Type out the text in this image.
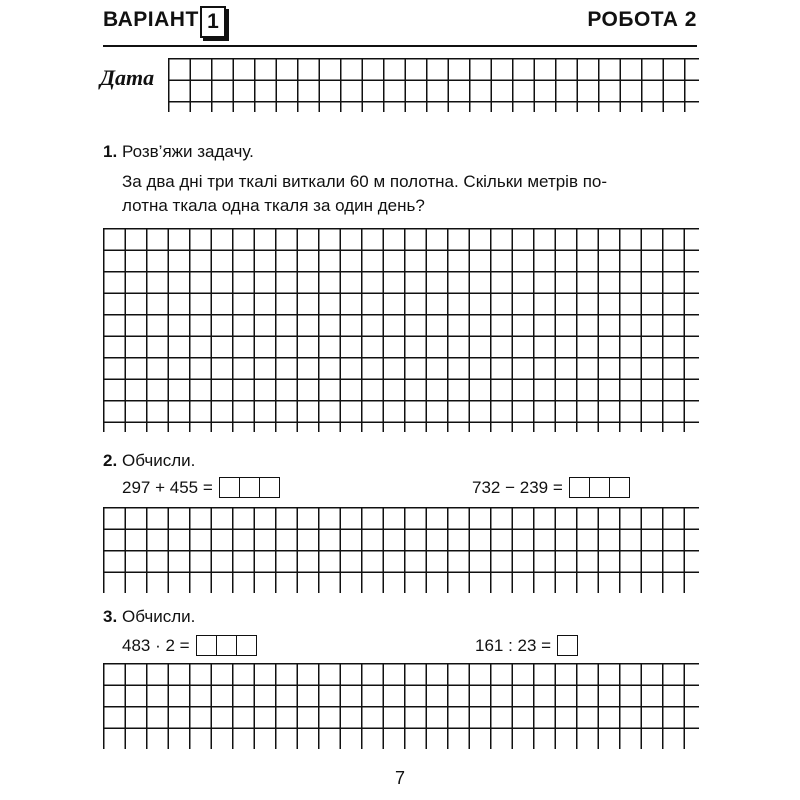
ВАРІАНТ 1	РОБОТА 2
Дата
1. Розв’яжи задачу.
За два дні три ткалі виткали 60 м полотна. Скільки метрів по-
лотна ткала одна ткаля за один день?
2. Обчисли.
297 + 455 =	732 − 239 =
3. Обчисли.
483 · 2 =	161 : 23 =
7
